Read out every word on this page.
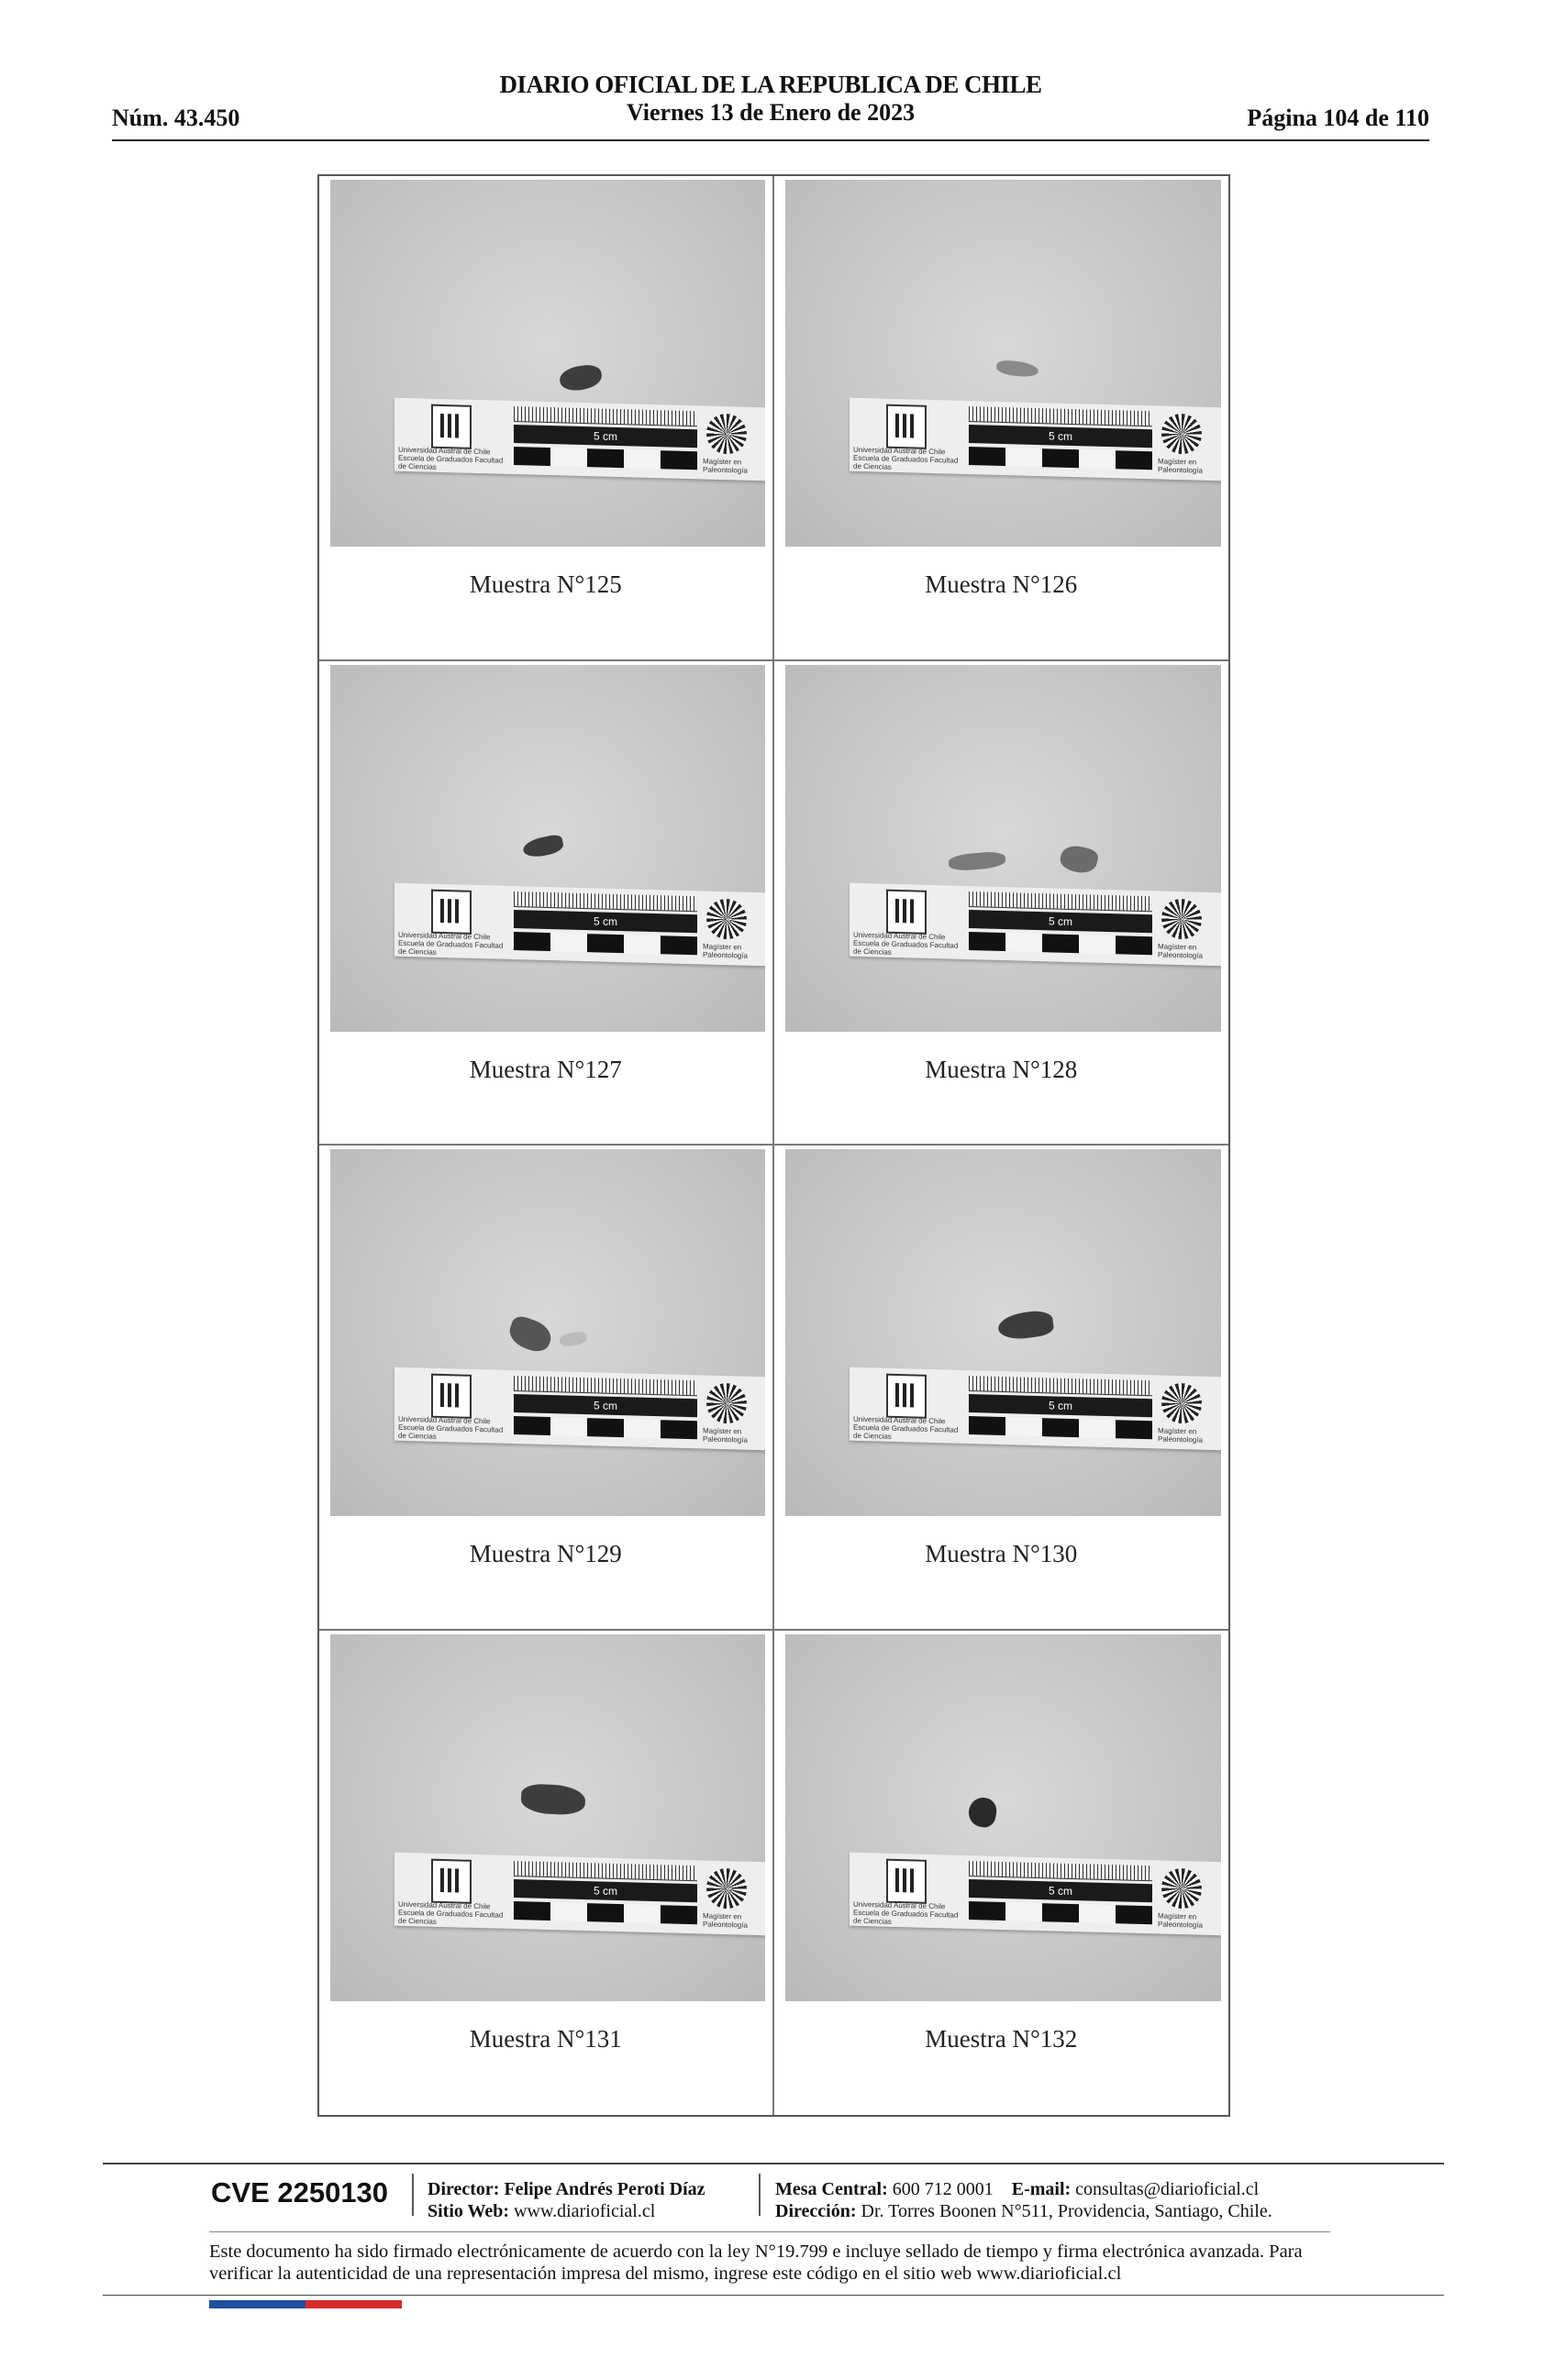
Núm. 43.450
DIARIO OFICIAL DE LA REPUBLICA DE CHILE
Viernes 13 de Enero de 2023	Página 104 de 110
Universidad Austral de Chile Escuela de Graduados Facultad de Ciencias
5 cm
Magíster en Paleontología
Muestra N°125
Universidad Austral de Chile Escuela de Graduados Facultad de Ciencias
5 cm
Magíster en Paleontología
Muestra N°126
Universidad Austral de Chile Escuela de Graduados Facultad de Ciencias
5 cm
Magíster en Paleontología
Muestra N°127
Universidad Austral de Chile Escuela de Graduados Facultad de Ciencias
5 cm
Magíster en Paleontología
Muestra N°128
Universidad Austral de Chile Escuela de Graduados Facultad de Ciencias
5 cm
Magíster en Paleontología
Muestra N°129
Universidad Austral de Chile Escuela de Graduados Facultad de Ciencias
5 cm
Magíster en Paleontología
Muestra N°130
Universidad Austral de Chile Escuela de Graduados Facultad de Ciencias
5 cm
Magíster en Paleontología
Muestra N°131
Universidad Austral de Chile Escuela de Graduados Facultad de Ciencias
5 cm
Magíster en Paleontología
Muestra N°132
CVE 2250130 Director: Felipe Andrés Peroti Díaz
Sitio Web: www.diarioficial.cl
Mesa Central: 600 712 0001 E-mail: consultas@diarioficial.cl
Dirección: Dr. Torres Boonen N°511, Providencia, Santiago, Chile.
Este documento ha sido firmado electrónicamente de acuerdo con la ley N°19.799 e incluye sellado de tiempo y firma electrónica avanzada. Para verificar la autenticidad de una representación impresa del mismo, ingrese este código en el sitio web www.diarioficial.cl
